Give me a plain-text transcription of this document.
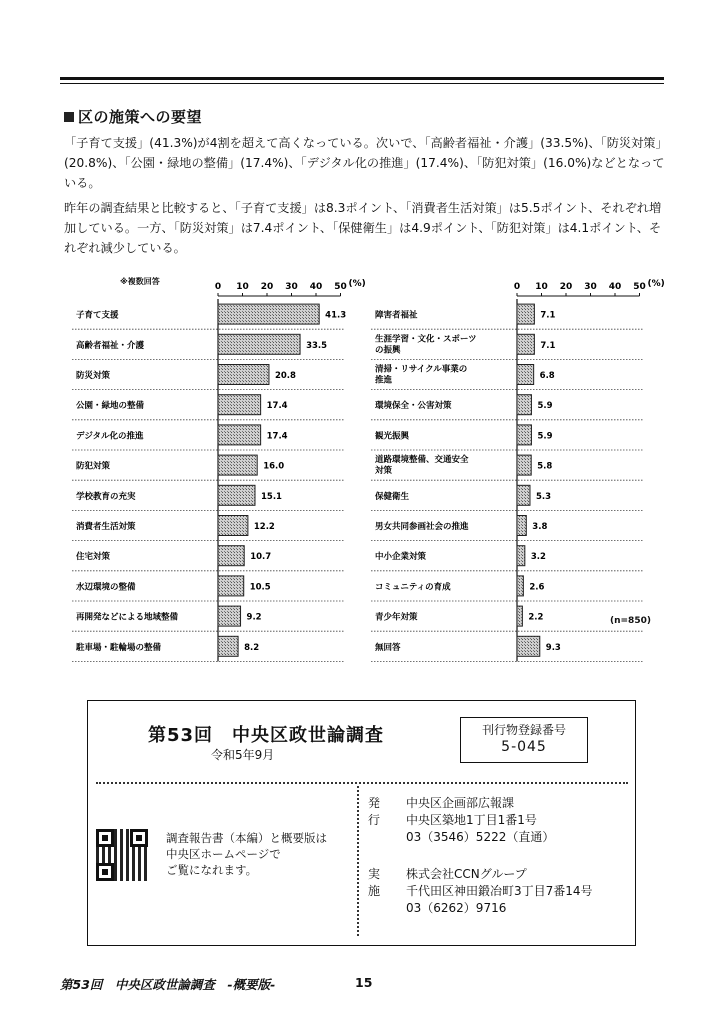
区の施策への要望

「子育て支援」(41.3%)が4割を超えて高くなっている。次いで、「高齢者福祉・介護」(33.5%)、「防災対策」(20.8%)、「公園・緑地の整備」(17.4%)、「デジタル化の推進」(17.4%)、「防犯対策」(16.0%)などとなっている。

昨年の調査結果と比較すると、「子育て支援」は8.3ポイント、「消費者生活対策」は5.5ポイント、それぞれ増加している。一方、「防災対策」は7.4ポイント、「保健衛生」は4.9ポイント、「防犯対策」は4.1ポイント、それぞれ減少している。

※複数回答
(n=850)
0 10 20 30 40 50 (%)
子育て支援	41.3
高齢者福祉・介護	33.5
防災対策	20.8
公園・緑地の整備	17.4
デジタル化の推進	17.4
防犯対策	16.0
学校教育の充実	15.1
消費者生活対策	12.2
住宅対策	10.7
水辺環境の整備	10.5
再開発などによる地域整備	9.2
駐車場・駐輪場の整備	8.2
0 10 20 30 40 50 (%)
障害者福祉	7.1
生涯学習・文化・スポーツ
の振興	7.1
清掃・リサイクル事業の
推進	6.8
環境保全・公害対策	5.9
観光振興	5.9
道路環境整備、交通安全
対策	5.8
保健衛生	5.3
男女共同参画社会の推進	3.8
中小企業対策	3.2
コミュニティの育成	2.6
青少年対策	2.2
無回答	9.3
第53回　中央区政世論調査
令和5年9月
刊行物登録番号
5-045

調査報告書（本編）と概要版は
中央区ホームページで
ご覧になれます。

発行
中央区企画部広報課
中央区築地1丁目1番1号
03（3546）5222（直通）
実施
株式会社CCNグループ
千代田区神田鍛冶町3丁目7番14号
03（6262）9716
第53回　中央区政世論調査　‐概要版‐	15
